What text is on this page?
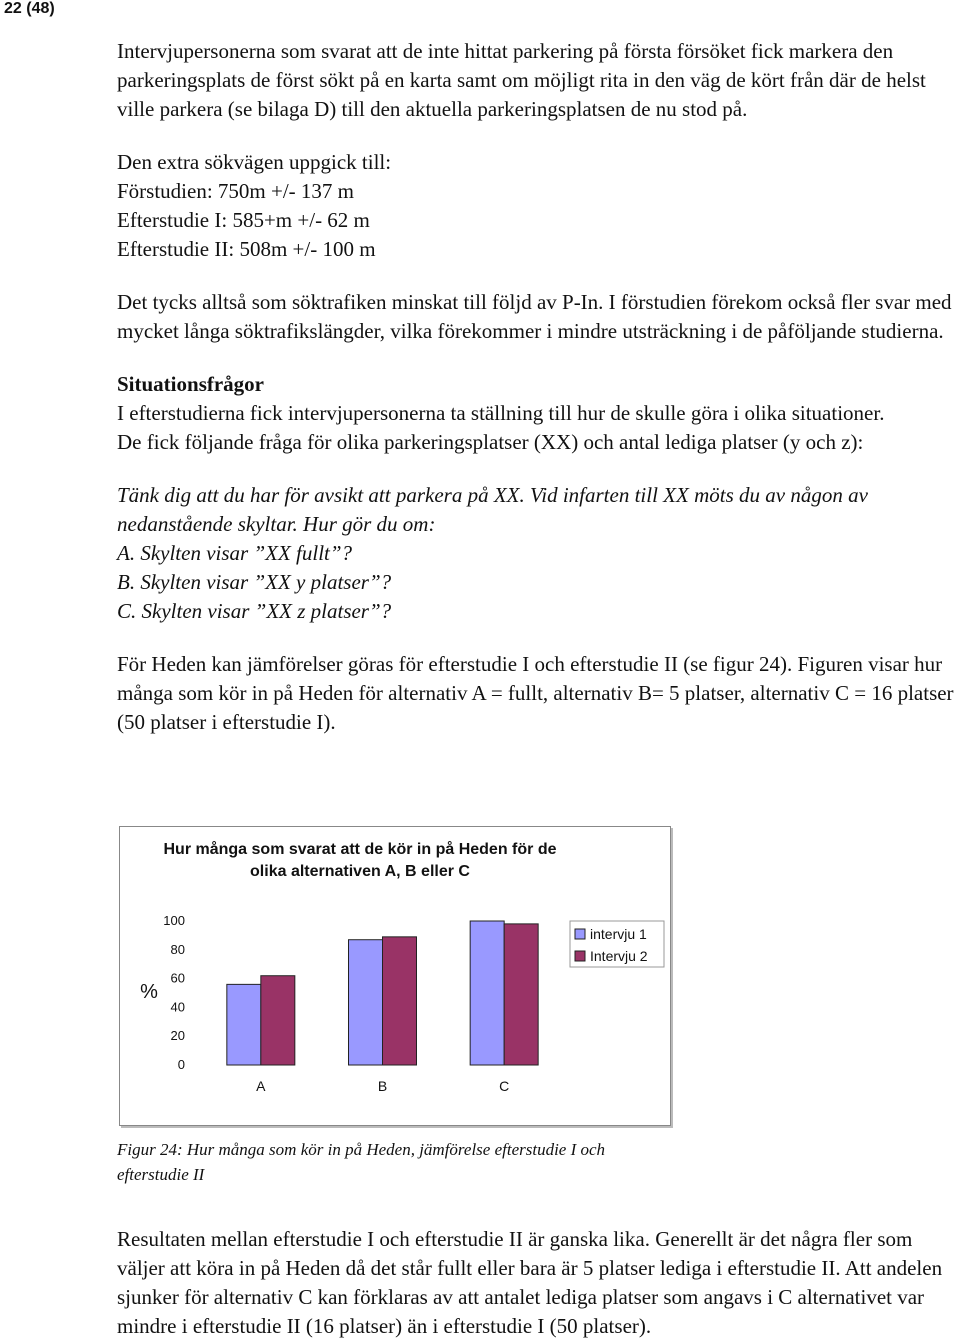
22 (48)

Intervjupersonerna som svarat att de inte hittat parkering på första försöket fick markera den parkeringsplats de först sökt på en karta samt om möjligt rita in den väg de kört från där de helst ville parkera (se bilaga D) till den aktuella parkeringsplatsen de nu stod på.

Den extra sökvägen uppgick till:

Förstudien: 750m +/- 137 m

Efterstudie I: 585+m +/- 62 m

Efterstudie II: 508m +/- 100 m

Det tycks alltså som söktrafiken minskat till följd av P-In. I förstudien förekom också fler svar med mycket långa söktrafikslängder, vilka förekommer i mindre utsträckning i de påföljande studierna.

Situationsfrågor

I efterstudierna fick intervjupersonerna ta ställning till hur de skulle göra i olika situationer.

De fick följande fråga för olika parkeringsplatser (XX) och antal lediga platser (y och z):

Tänk dig att du har för avsikt att parkera på XX. Vid infarten till XX möts du av någon av nedanstående skyltar. Hur gör du om:

A. Skylten visar ”XX fullt”?

B. Skylten visar ”XX y platser”?

C. Skylten visar ”XX z platser”?

För Heden kan jämförelser göras för efterstudie I och efterstudie II (se figur 24). Figuren visar hur många som kör in på Heden för alternativ A = fullt, alternativ B= 5 platser, alternativ C = 16 platser (50 platser i efterstudie I).

Hur många som svarat att de kör in på Heden för de
olika alternativen A, B eller C
%
0
20
40
60
80
100
A	B	C
intervju 1
Intervju 2
Figur 24: Hur många som kör in på Heden, jämförelse efterstudie I och efterstudie II

Resultaten mellan efterstudie I och efterstudie II är ganska lika. Generellt är det några fler som väljer att köra in på Heden då det står fullt eller bara är 5 platser lediga i efterstudie II. Att andelen sjunker för alternativ C kan förklaras av att antalet lediga platser som angavs i C alternativet var mindre i efterstudie II (16 platser) än i efterstudie I (50 platser).
